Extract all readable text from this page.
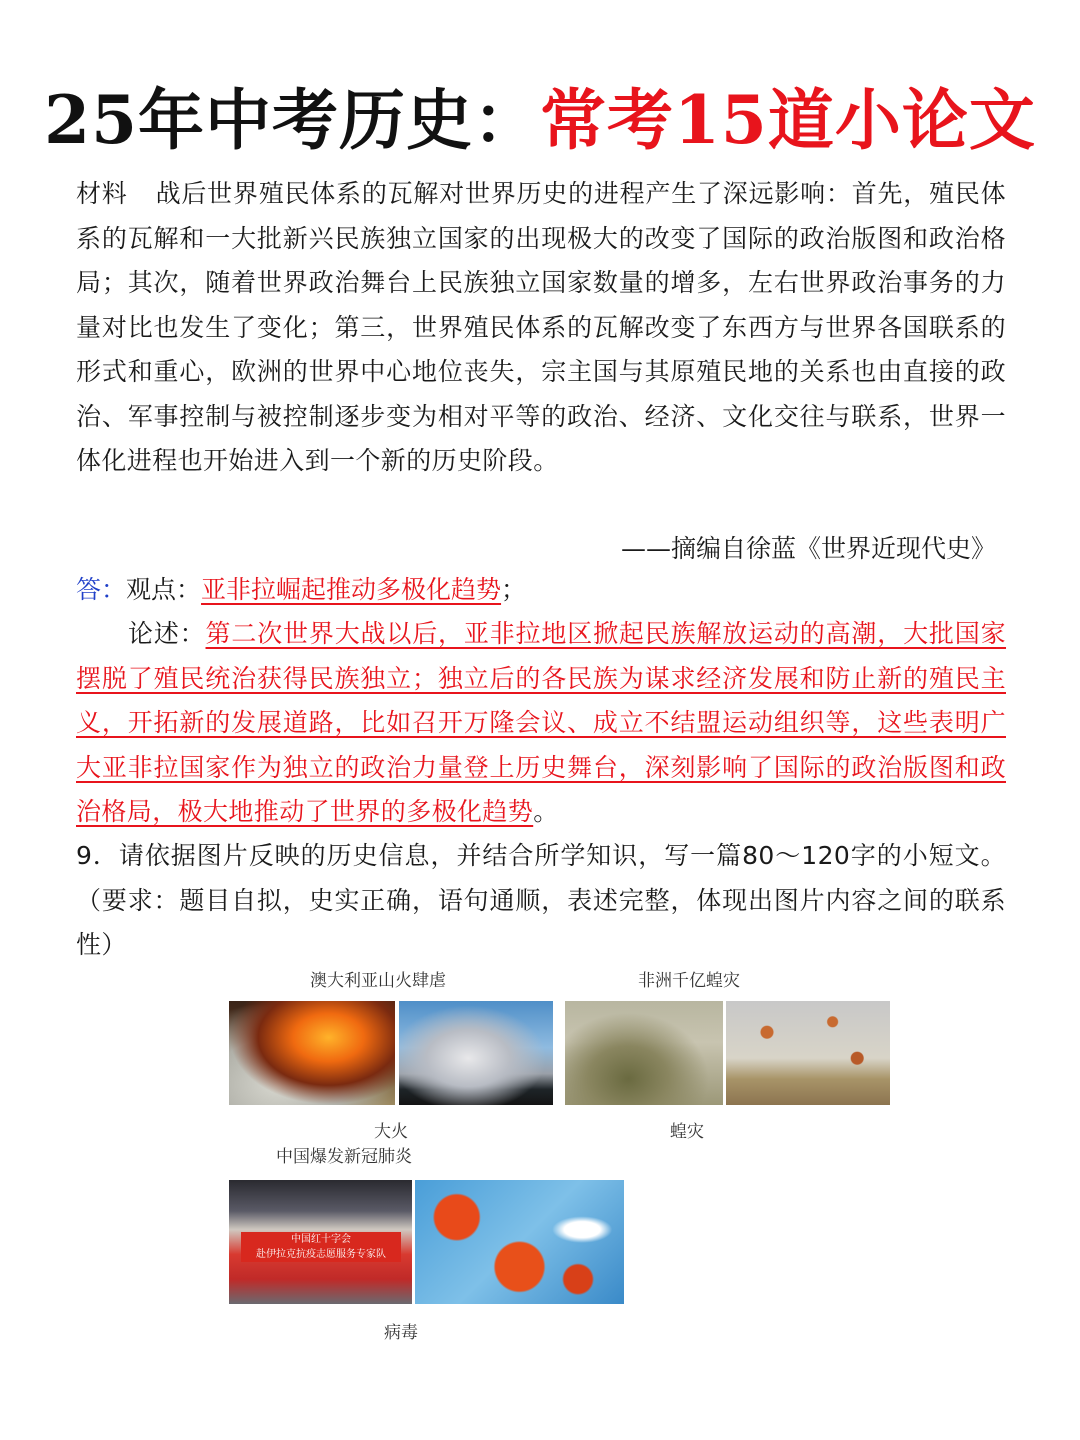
25年中考历史：常考15道小论文
材料 战后世界殖民体系的瓦解对世界历史的进程产生了深远影响：首先，殖民体系的瓦解和一大批新兴民族独立国家的出现极大的改变了国际的政治版图和政治格局；其次，随着世界政治舞台上民族独立国家数量的增多，左右世界政治事务的力量对比也发生了变化；第三，世界殖民体系的瓦解改变了东西方与世界各国联系的形式和重心，欧洲的世界中心地位丧失，宗主国与其原殖民地的关系也由直接的政治、军事控制与被控制逐步变为相对平等的政治、经济、文化交往与联系，世界一体化进程也开始进入到一个新的历史阶段。
——摘编自徐蓝《世界近现代史》
答：观点：亚非拉崛起推动多极化趋势；
论述：第二次世界大战以后，亚非拉地区掀起民族解放运动的高潮，大批国家摆脱了殖民统治获得民族独立；独立后的各民族为谋求经济发展和防止新的殖民主义，开拓新的发展道路，比如召开万隆会议、成立不结盟运动组织等，这些表明广大亚非拉国家作为独立的政治力量登上历史舞台，深刻影响了国际的政治版图和政治格局，极大地推动了世界的多极化趋势。
9．请依据图片反映的历史信息，并结合所学知识，写一篇80～120字的小短文。（要求：题目自拟，史实正确，语句通顺，表述完整，体现出图片内容之间的联系性）
澳大利亚山火肆虐
大火
非洲千亿蝗灾
蝗灾
中国爆发新冠肺炎
中国红十字会
赴伊拉克抗疫志愿服务专家队
病毒
